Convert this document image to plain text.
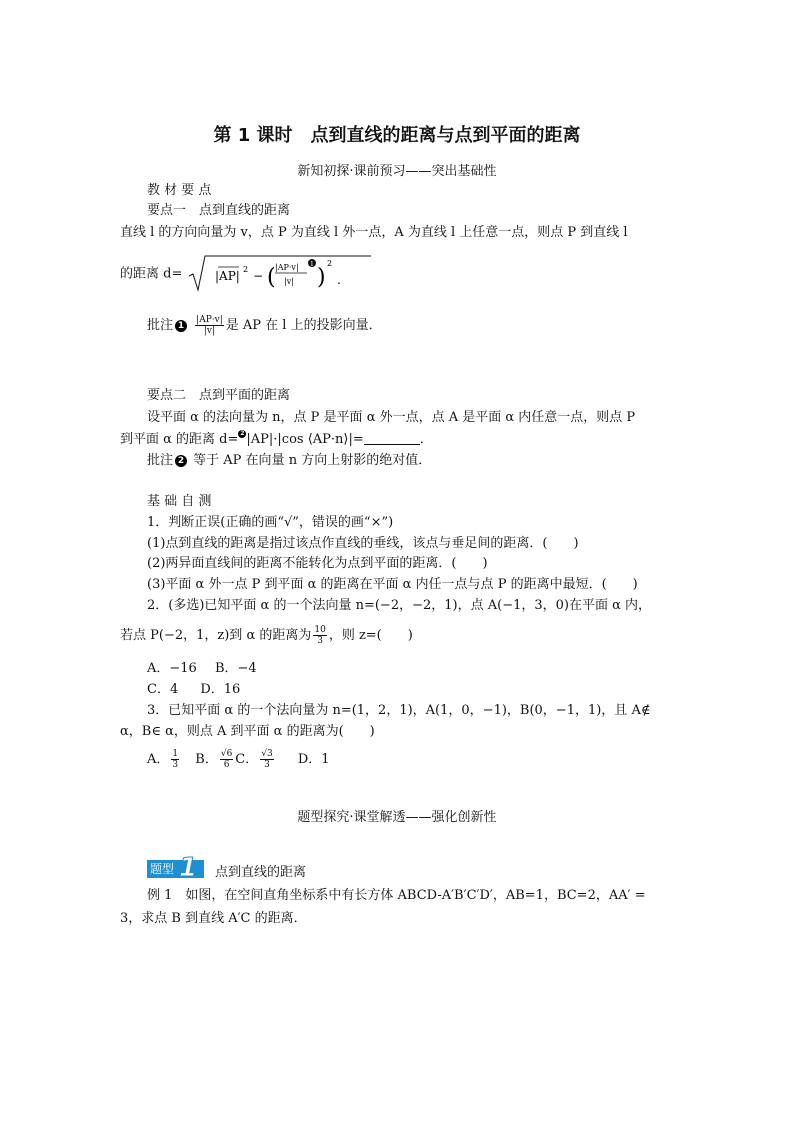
第 1 课时　点到直线的距离与点到平面的距离
新知初探·课前预习——突出基础性
教 材 要 点
要点一　点到直线的距离
直线 l 的方向向量为 v，点 P 为直线 l 外一点，A 为直线 l 上任意一点，则点 P 到直线 l
的距离 d=	|AP| 2 − ( |AP·v|
|v|
1
)
2
.
批注 $1 \frac{|AP\cdot v|}{|v|}$ 是 AP 在 l 上的投影向量．
要点二　点到平面的距离
设平面 α 的法向量为 n，点 P 是平面 α 外一点，点 A 是平面 α 内任意一点，则点 P
到平面 α 的距离 d= 2 |AP|·|cos ⟨AP·n⟩|=	．
批注 2 等于 AP 在向量 n 方向上射影的绝对值．
基 础 自 测
1．判断正误(正确的画“√”，错误的画“×”)
(1)点到直线的距离是指过该点作直线的垂线，该点与垂足间的距离．(　　)
(2)两异面直线间的距离不能转化为点到平面的距离．(　　)
(3)平面 α 外一点 P 到平面 α 的距离在平面 α 内任一点与点 P 的距离中最短．(　　)
2．(多选)已知平面 α 的一个法向量 n=(−2，−2，1)，点 A(−1，3，0)在平面 α 内，
若点 P(−2，1，z)到 α 的距离为 $\frac{10}{3}$ ，则 z=(　　)
A．−16 B．−4
C．4 D．16
3．已知平面 α 的一个法向量为 n=(1，2，1)，A(1，0，−1)，B(0，−1，1)，且 A∉
α，B∈ α，则点 A 到平面 α 的距离为(　　)
A． $\frac{1}{3}$ B． $\frac{√6}{6}$ C． $\frac{√3}{3}$ D．1
题型探究·课堂解透——强化创新性
题型 1 点到直线的距离
例 1　如图，在空间直角坐标系中有长方体 ABCD-A′B′C′D′，AB=1，BC=2，AA′ =
3，求点 B 到直线 A′C 的距离．
